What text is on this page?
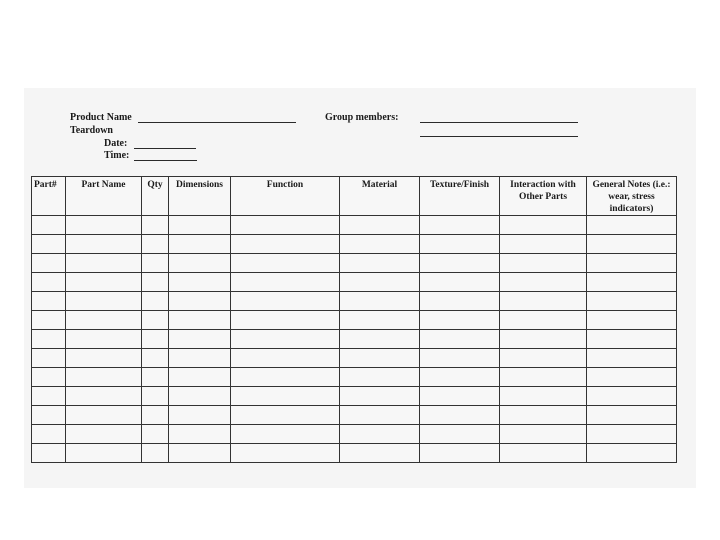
Product Name
Teardown
Date:
Time:
Group members:
Part#	Part Name	Qty	Dimensions	Function	Material	Texture/Finish	Interaction with Other Parts	General Notes (i.e.: wear, stress indicators)
